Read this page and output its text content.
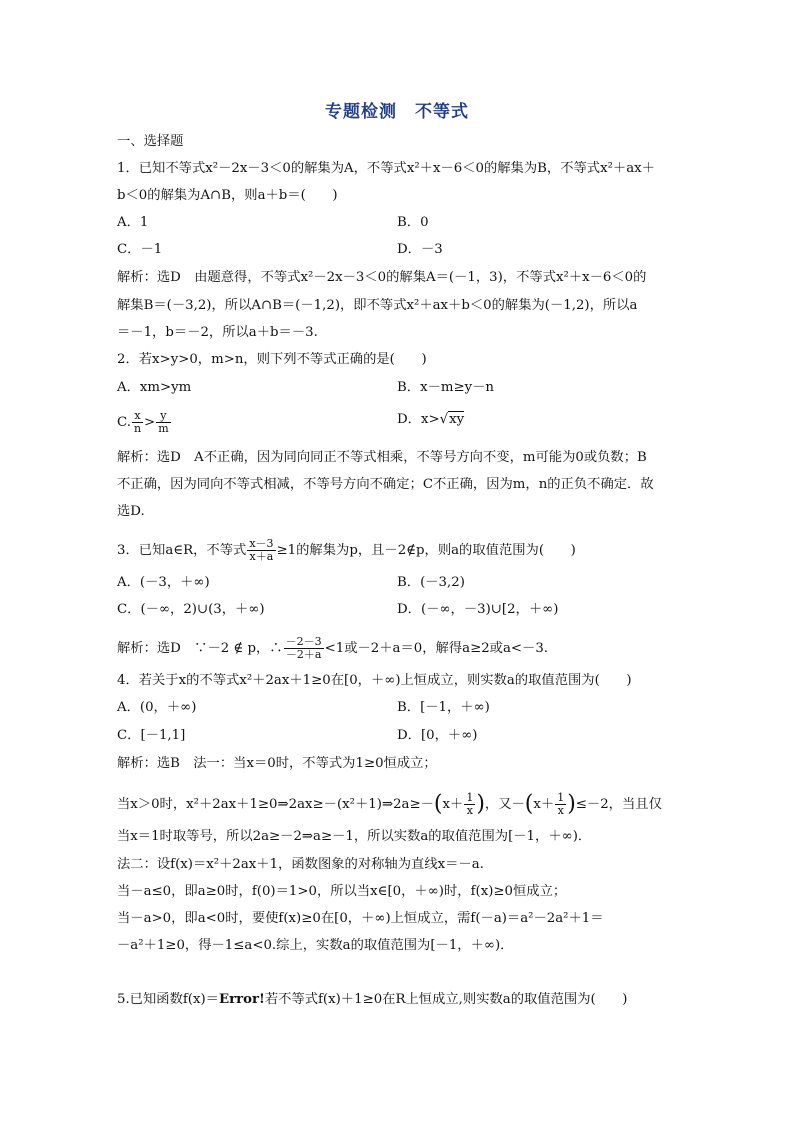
专题检测　不等式
一、选择题
1．已知不等式x²－2x－3＜0的解集为A，不等式x²＋x－6＜0的解集为B，不等式x²＋ax＋
b＜0的解集为A∩B，则a＋b＝(　　)
A．1	B．0
C．－1	D．－3
解析：选D　由题意得，不等式x²－2x－3＜0的解集A＝(－1，3)，不等式x²＋x－6＜0的
解集B＝(－3,2)，所以A∩B＝(－1,2)，即不等式x²＋ax＋b＜0的解集为(－1,2)，所以a
＝－1，b＝－2，所以a＋b＝－3.
2．若x>y>0，m>n，则下列不等式正确的是(　　)
A．xm>ym	B．x－m≥y－n
C. $\frac{x}{n} > \frac{y}{m}$	D．x>√xy
解析：选D　A不正确，因为同向同正不等式相乘，不等号方向不变，m可能为0或负数；B
不正确，因为同向不等式相减，不等号方向不确定；C不正确，因为m，n的正负不确定．故
选D.
3．已知a∈R，不等式 $\frac{x-3}{x+a} \ge 1$的解集为p，且－2∉p，则a的取值范围为(　　)
A．(－3，＋∞)	B．(－3,2)
C．(－∞，2)∪(3，＋∞)	D．(－∞，－3)∪[2，＋∞)
解析：选D　∵－2 ∉ p，∴ $\frac{-2-3}{-2+a} <1$或－2＋a＝0，解得a≥2或a<－3.
4．若关于x的不等式x²＋2ax＋1≥0在[0，＋∞)上恒成立，则实数a的取值范围为(　　)
A．(0，＋∞)	B．[－1，＋∞)
C．[－1,1]	D．[0，＋∞)
解析：选B　法一：当x＝0时，不等式为1≥0恒成立；
当x＞0时，x²＋2ax＋1≥0⇒2ax≥－(x²＋1)⇒2a≥－(x＋ $\frac{1}{x}$ )，又$-(x+ \frac{1}{x} )\le-2$，当且仅
当x＝1时取等号，所以2a≥－2⇒a≥－1，所以实数a的取值范围为[－1，＋∞)．
法二：设f(x)＝x²＋2ax＋1，函数图象的对称轴为直线x＝－a.
当－a≤0，即a≥0时，f(0)＝1>0，所以当x∈[0，＋∞)时，f(x)≥0恒成立；
当－a>0，即a<0时，要使f(x)≥0在[0，＋∞)上恒成立，需f(－a)＝a²－2a²＋1＝
－a²＋1≥0，得－1≤a<0.综上，实数a的取值范围为[－1，＋∞)．
5.已知函数f(x)＝Error!若不等式f(x)＋1≥0在R上恒成立,则实数a的取值范围为(　　)
